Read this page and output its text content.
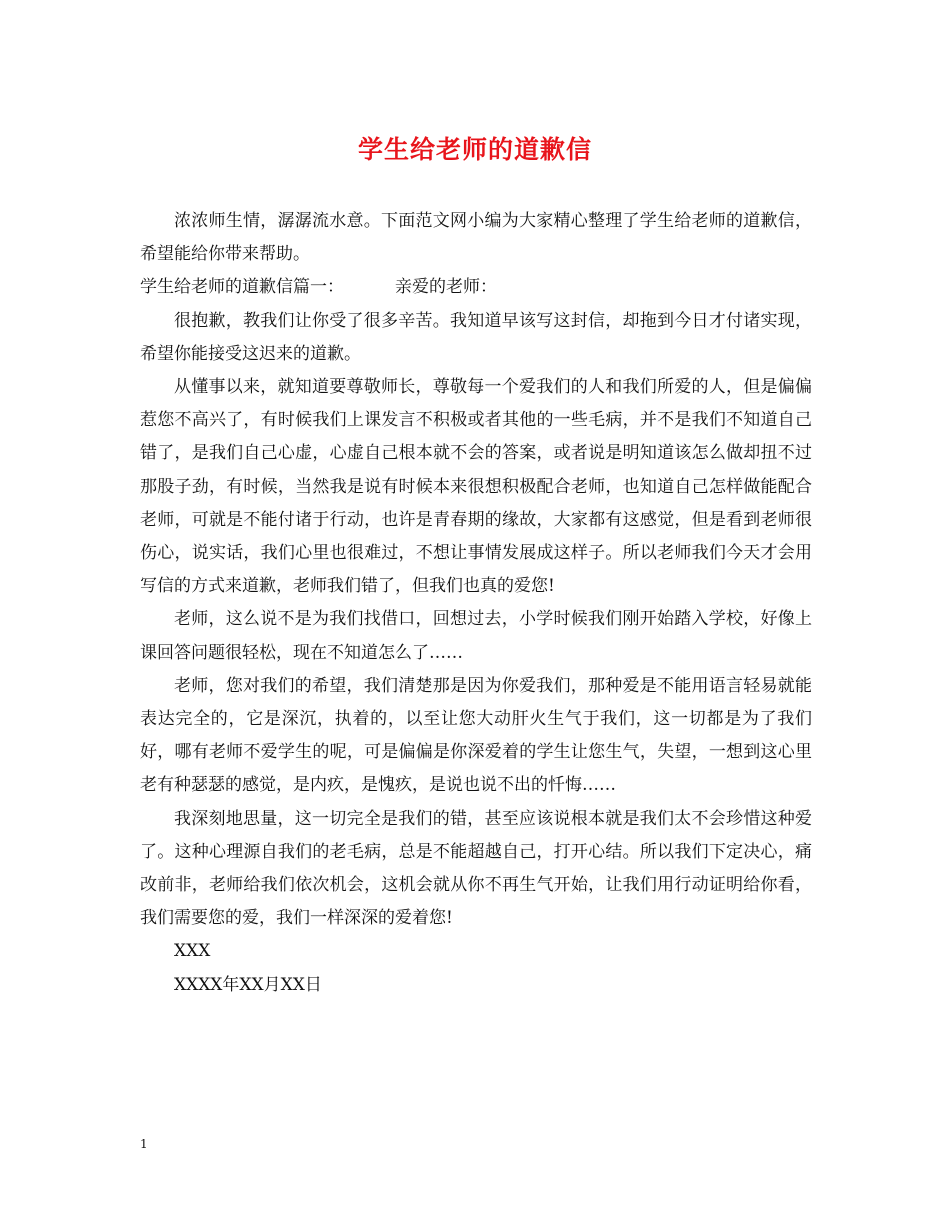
学生给老师的道歉信

浓浓师生情，潺潺流水意。下面范文网小编为大家精心整理了学生给老师的道歉信，希望能给你带来帮助。

学生给老师的道歉信篇一：	亲爱的老师：

很抱歉，教我们让你受了很多辛苦。我知道早该写这封信，却拖到今日才付诸实现，希望你能接受这迟来的道歉。

从懂事以来，就知道要尊敬师长，尊敬每一个爱我们的人和我们所爱的人，但是偏偏惹您不高兴了，有时候我们上课发言不积极或者其他的一些毛病，并不是我们不知道自己错了，是我们自己心虚，心虚自己根本就不会的答案，或者说是明知道该怎么做却扭不过那股子劲，有时候，当然我是说有时候本来很想积极配合老师，也知道自己怎样做能配合老师，可就是不能付诸于行动，也许是青春期的缘故，大家都有这感觉，但是看到老师很伤心，说实话，我们心里也很难过，不想让事情发展成这样子。所以老师我们今天才会用写信的方式来道歉，老师我们错了，但我们也真的爱您!

老师，这么说不是为我们找借口，回想过去，小学时候我们刚开始踏入学校，好像上课回答问题很轻松，现在不知道怎么了……

老师，您对我们的希望，我们清楚那是因为你爱我们，那种爱是不能用语言轻易就能表达完全的，它是深沉，执着的，以至让您大动肝火生气于我们，这一切都是为了我们好，哪有老师不爱学生的呢，可是偏偏是你深爱着的学生让您生气，失望，一想到这心里老有种瑟瑟的感觉，是内疚，是愧疚，是说也说不出的忏悔……

我深刻地思量，这一切完全是我们的错，甚至应该说根本就是我们太不会珍惜这种爱了。这种心理源自我们的老毛病，总是不能超越自己，打开心结。所以我们下定决心，痛改前非，老师给我们依次机会，这机会就从你不再生气开始，让我们用行动证明给你看，我们需要您的爱，我们一样深深的爱着您!

XXX

XXXX年XX月XX日

1
